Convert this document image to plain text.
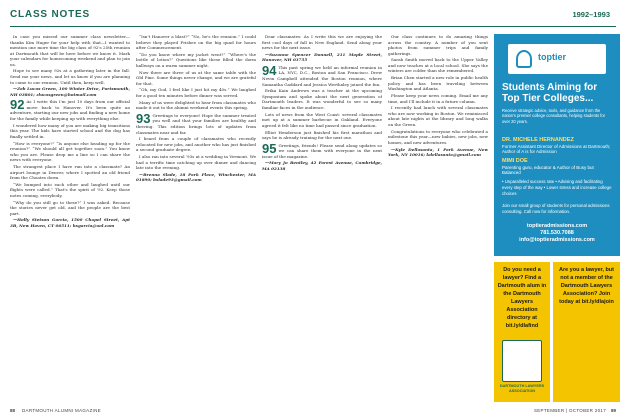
CLASS NOTES	1992–1993

In case you missed our summer class newsletter—thanks Kim Hager for your help with that—I wanted to mention one more time the big class of 92's 25th reunion at Dartmouth that will be here before we know it. Mark your calendars for homecoming weekend and plan to join us.

Hope to see many 92s at a gathering later in the fall. Send me your news, and let us know if you are planning to come to our reunion. Until then, keep well.

—Zeb Lucas Green, 100 Winter Drive, Portsmouth, NH 03801; zlucasgreen@hotmail.com

92 As I write this I'm just 10 days from our official move back to Hanover. It's been quite an adventure, starting our new jobs and finding a new home for the family while keeping up with everything else.

I wondered how many of you are making big transitions this year. The kids have started school and the dog has finally settled in.

“How is everyone?” “Is anyone else heading up for the reunion?” “We should all get together soon.” You know who you are. Please drop me a line so I can share the news with everyone.

The strangest place I have run into a classmate? An airport lounge in Denver, where I spotted an old friend from the Choates dorm.

“We bumped into each other and laughed until our flights were called.” That's the spirit of '92. Keep those notes coming, everybody.

“Why do you still go to these?” I was asked. Because the stories never get old, and the people are the best part.

—Holly Stetson Garcia, 1500 Chapel Street, Apt 3B, New Haven, CT 06511; hsgarcia@aol.com

“Isn't Hanover a blast?” “No, he's the reunion.” I could believe they played Frisbee on the big quad for hours after Commencement.

“Do you know where my jacket went?” “Where's the bottle of lotion?” Questions like these filled the dorm hallways on a warm summer night.

Now there are three of us at the same table with the Old Pine. Some things never change, and we are grateful for that.

“Oh, my God, I feel like I just hit my 40s.” We laughed for a good ten minutes before dinner was served.

Many of us were delighted to hear from classmates who made it out to the alumni weekend events this spring.

93 Greetings to everyone! Hope the summer treated you well and that your families are healthy and thriving. This edition brings lots of updates from classmates near and far.

I heard from a couple of classmates who recently relocated for new jobs, and another who has just finished a second graduate degree.

I also ran into several '93s at a wedding in Vermont. We had a terrific time catching up over dinner and dancing late into the evening.

—Brenna Slade, 18 Park Place, Winchester, MA 01890; bslade93@gmail.com

Dear classmates: As I write this we are enjoying the first cool days of fall in New England. Send along your news for the next issue.

—Suzanne Spencer Donnell, 211 Maple Street, Hanover, NH 03755

94 This past spring we held an informal reunion in LA, NYC, D.C., Boston and San Francisco. Drew Nevin Campbell attended the Boston reunion, where Samantha Gaddard and Jessica Werthaley joined the fun.

Erika Kain Andrews was a teacher at the upcoming Symposium and spoke about the next generation of Dartmouth leaders. It was wonderful to see so many familiar faces in the audience.

Lots of news from the West Coast: several classmates met up at a summer barbecue in Oakland. Everyone agreed it felt like no time had passed since graduation.

Elliot Henderson just finished his first marathon and says he is already training for the next one.

95 Greetings, friends! Please send along updates so we can share them with everyone in the next issue of the magazine.

—Mary Jo Bentley, 42 Forest Avenue, Cambridge, MA 02138

Our class continues to do amazing things across the country. A number of you sent photos from summer trips and family gatherings.

Sarah Smith moved back to the Upper Valley and now teaches at a local school. She says the winters are colder than she remembered.

Brian Chen started a new role in public health policy and has been traveling between Washington and Atlanta.

Please keep your news coming. Email me any time, and I'll include it in a future column.

I recently had lunch with several classmates who are now working in Boston. We reminisced about late nights at the library and long walks on the Green.

Congratulations to everyone who celebrated a milestone this year—new babies, new jobs, new homes, and new adventures.

—Kyle Dellasanta, 1 Park Avenue, New York, NY 10016; kdellasanta@gmail.com

toptier
Students Aiming for Top Tier Colleges...
Receive strategic advice, tools, and guidance from the nation's premier college consultants, helping students for over 20 years.
DR. MICHELE HERNANDEZ
Former Assistant Director of Admissions at Dartmouth; Author of A is for Admission
MIMI DOE
Parenting guru, educator & Author of Busy but Balanced
• Unparalleled success rate • Advising and facilitating every step of the way • Lower stress and increase college choices
Join our small group of students for personal admissions consulting. Call now for information.
toptieradmissions.com
781.530.7088
info@toptieradmissions.com
Do you need a lawyer? Find a Dartmouth alum in the Dartmouth Lawyers Association directory at bit.ly/dlafind
Are you a lawyer, but not a member of the Dartmouth Lawyers Association? Join today at bit.ly/dlajoin
DARTMOUTH LAWYERS ASSOCIATION
88 DARTMOUTH ALUMNI MAGAZINE	SEPTEMBER | OCTOBER 2017 89
